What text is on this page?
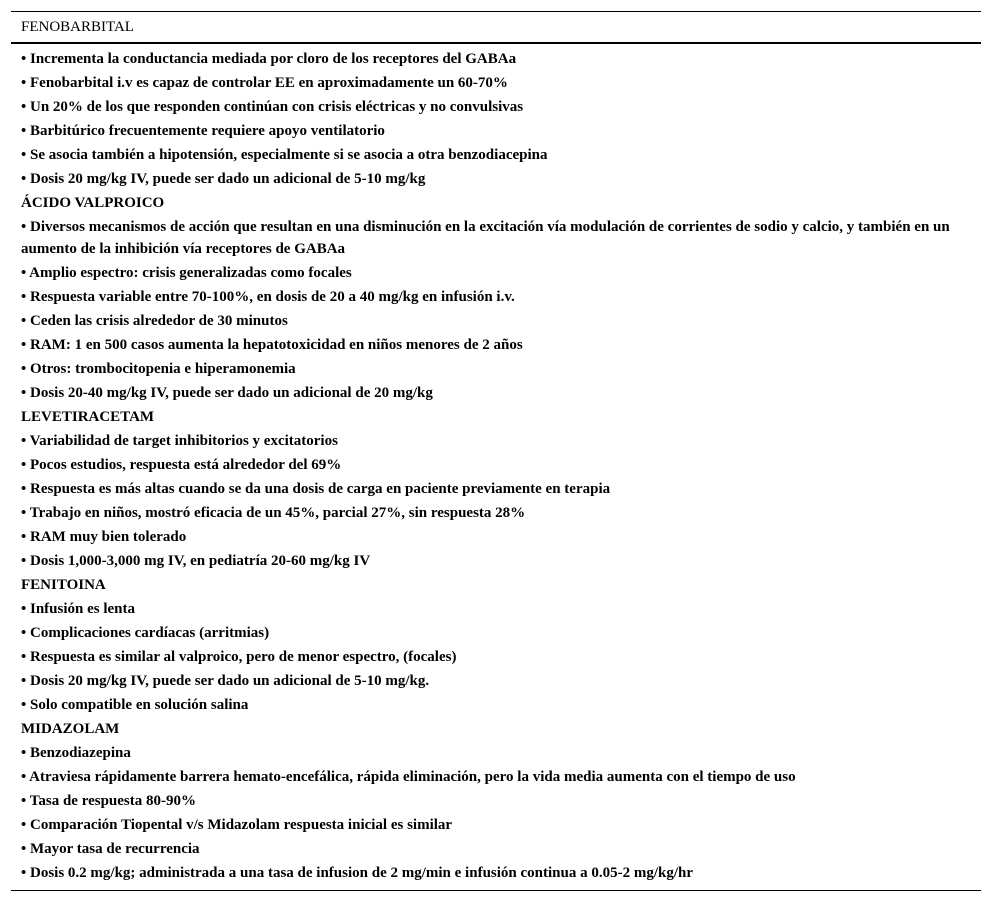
FENOBARBITAL
• Incrementa la conductancia mediada por cloro de los receptores del GABAa
• Fenobarbital i.v es capaz de controlar EE en aproximadamente un 60-70%
• Un 20% de los que responden continúan con crisis eléctricas y no convulsivas
• Barbitúrico frecuentemente requiere apoyo ventilatorio
• Se asocia también a hipotensión, especialmente si se asocia a otra benzodiacepina
• Dosis 20 mg/kg IV, puede ser dado un adicional de 5-10 mg/kg
ÁCIDO VALPROICO
• Diversos mecanismos de acción que resultan en una disminución en la excitación vía modulación de corrientes de sodio y calcio, y también en un aumento de la inhibición vía receptores de GABAa
• Amplio espectro: crisis generalizadas como focales
• Respuesta variable entre 70-100%, en dosis de 20 a 40 mg/kg en infusión i.v.
• Ceden las crisis alrededor de 30 minutos
• RAM: 1 en 500 casos aumenta la hepatotoxicidad en niños menores de 2 años
• Otros: trombocitopenia e hiperamonemia
• Dosis 20-40 mg/kg IV, puede ser dado un adicional de 20 mg/kg
LEVETIRACETAM
• Variabilidad de target inhibitorios y excitatorios
• Pocos estudios, respuesta está alrededor del 69%
• Respuesta es más altas cuando se da una dosis de carga en paciente previamente en terapia
• Trabajo en niños, mostró eficacia de un 45%, parcial 27%, sin respuesta 28%
• RAM muy bien tolerado
• Dosis 1,000-3,000 mg IV, en pediatría 20-60 mg/kg IV
FENITOINA
• Infusión es lenta
• Complicaciones cardíacas (arritmias)
• Respuesta es similar al valproico, pero de menor espectro, (focales)
• Dosis 20 mg/kg IV, puede ser dado un adicional de 5-10 mg/kg.
• Solo compatible en solución salina
MIDAZOLAM
• Benzodiazepina
• Atraviesa rápidamente barrera hemato-encefálica, rápida eliminación, pero la vida media aumenta con el tiempo de uso
• Tasa de respuesta 80-90%
• Comparación Tiopental v/s Midazolam respuesta inicial es similar
• Mayor tasa de recurrencia
• Dosis 0.2 mg/kg; administrada a una tasa de infusion de 2 mg/min e infusión continua a 0.05-2 mg/kg/hr
